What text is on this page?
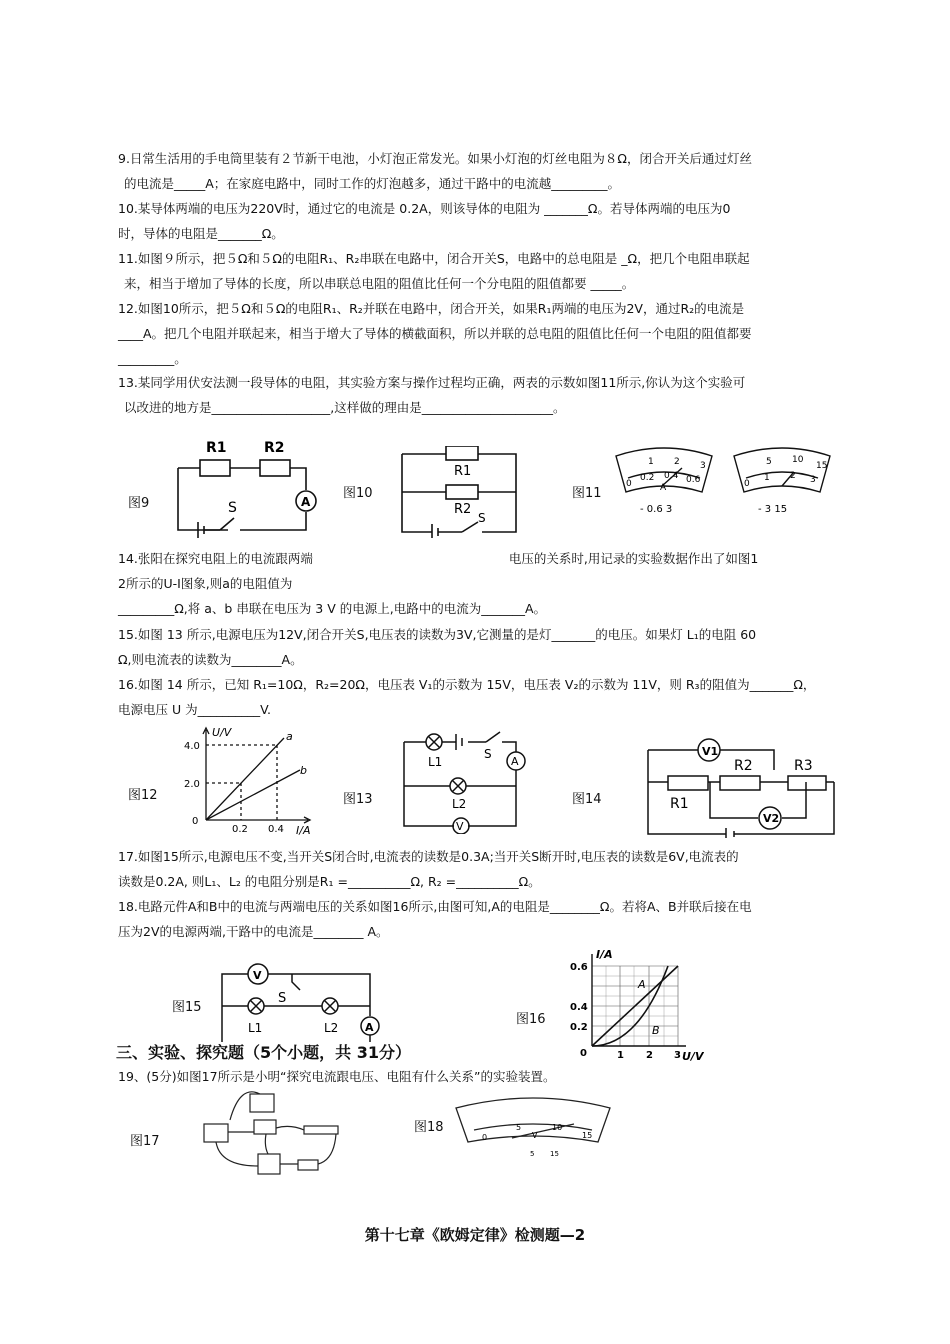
9.日常生活用的手电筒里装有２节新干电池，小灯泡正常发光。如果小灯泡的灯丝电阻为８Ω，闭合开关后通过灯丝

的电流是_____A；在家庭电路中，同时工作的灯泡越多，通过干路中的电流越_________。

10.某导体两端的电压为220V时，通过它的电流是 0.2A，则该导体的电阻为 _______Ω。若导体两端的电压为0

时，导体的电阻是_______Ω。

11.如图９所示，把５Ω和５Ω的电阻R₁、R₂串联在电路中，闭合开关S，电路中的总电阻是 _Ω，把几个电阻串联起

来，相当于增加了导体的长度，所以串联总电阻的阻值比任何一个分电阻的阻值都要 _____。

12.如图10所示，把５Ω和５Ω的电阻R₁、R₂并联在电路中，闭合开关，如果R₁两端的电压为2V，通过R₂的电流是

____A。把几个电阻并联起来，相当于增大了导体的横截面积，所以并联的总电阻的阻值比任何一个电阻的阻值都要

_________。

13.某同学用伏安法测一段导体的电阻，其实验方案与操作过程均正确，两表的示数如图11所示,你认为这个实验可

以改进的地方是___________________,这样做的理由是_____________________。

图9
R1	R2
S	A
图10
R1
R2
S
图11
0
0.2 0.4 0.6
1 2 3
A
- 0.6 3
0
5 10
15
1 2 3
- 3 15

14.张阳在探究电阻上的电流跟两端	电压的关系时,用记录的实验数据作出了如图1

2所示的U-I图象,则a的电阻值为

_________Ω,将 a、b 串联在电压为 3 V 的电源上,电路中的电流为_______A。

15.如图 13 所示,电源电压为12V,闭合开关S,电压表的读数为3V,它测量的是灯_______的电压。如果灯 L₁的电阻 60

Ω,则电流表的读数为________A。

16.如图 14 所示，已知 R₁=10Ω，R₂=20Ω，电压表 V₁的示数为 15V，电压表 V₂的示数为 11V，则 R₃的阻值为_______Ω，

电源电压 U 为__________V.

图12
U/V
I/A
4.0
2.0
0
0.2 0.4
a
b
图13
L1
S
A
L2
V
图14
V1
R2	R3
R1
V2

17.如图15所示,电源电压不变,当开关S闭合时,电流表的读数是0.3A;当开关S断开时,电压表的读数是6V,电流表的

读数是0.2A, 则L₁、L₂ 的电阻分别是R₁ =__________Ω, R₂ =__________Ω。

18.电路元件A和B中的电流与两端电压的关系如图16所示,由图可知,A的电阻是________Ω。若将A、B并联后接在电

压为2V的电源两端,干路中的电流是________ A。

图15
V
S
L1	L2 A
图16
I/A
U/V
0.6
0.4
0.2
0	1 2 3
A
B
三、实验、探究题（5个小题，共 31分）

19、(5分)如图17所示是小明“探究电流跟电压、电阻有什么关系”的实验装置。

图17
图18
0
5	10
15
V
5 15
第十七章《欧姆定律》检测题—2
